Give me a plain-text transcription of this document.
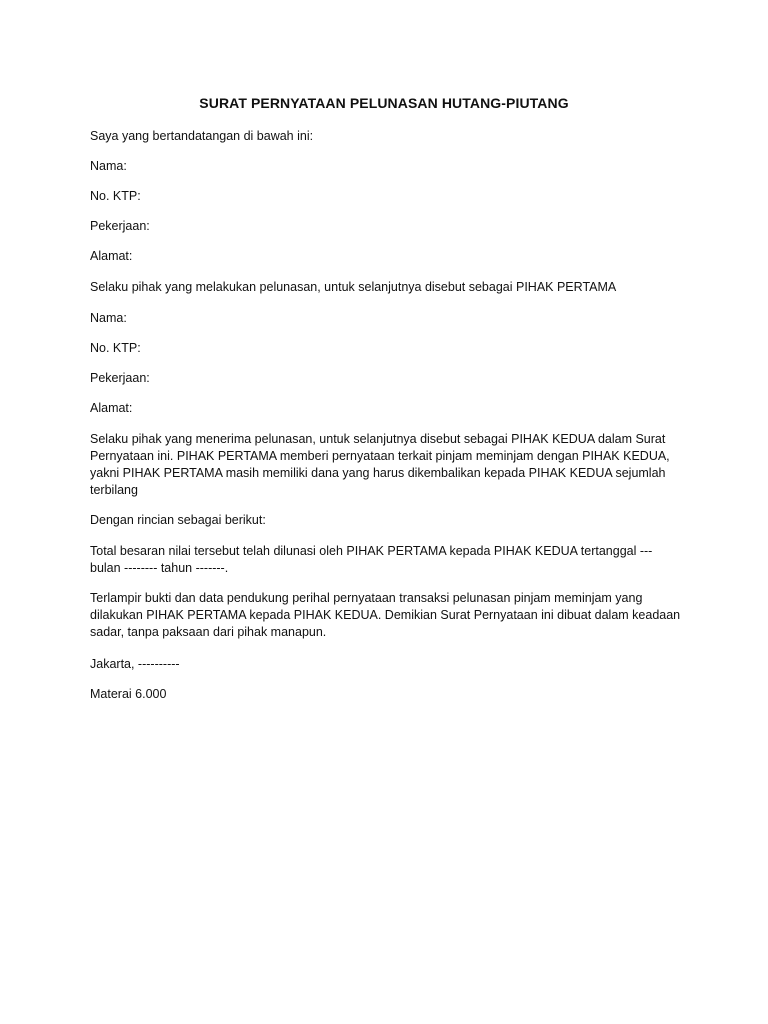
SURAT PERNYATAAN PELUNASAN HUTANG-PIUTANG
Saya yang bertandatangan di bawah ini:
Nama:
No. KTP:
Pekerjaan:
Alamat:
Selaku pihak yang melakukan pelunasan, untuk selanjutnya disebut sebagai PIHAK PERTAMA
Nama:
No. KTP:
Pekerjaan:
Alamat:
Selaku pihak yang menerima pelunasan, untuk selanjutnya disebut sebagai PIHAK KEDUA dalam Surat
Pernyataan ini. PIHAK PERTAMA memberi pernyataan terkait pinjam meminjam dengan PIHAK KEDUA,
yakni PIHAK PERTAMA masih memiliki dana yang harus dikembalikan kepada PIHAK KEDUA sejumlah
terbilang
Dengan rincian sebagai berikut:
Total besaran nilai tersebut telah dilunasi oleh PIHAK PERTAMA kepada PIHAK KEDUA tertanggal ---
bulan -------- tahun -------.
Terlampir bukti dan data pendukung perihal pernyataan transaksi pelunasan pinjam meminjam yang
dilakukan PIHAK PERTAMA kepada PIHAK KEDUA. Demikian Surat Pernyataan ini dibuat dalam keadaan
sadar, tanpa paksaan dari pihak manapun.
Jakarta, ----------
Materai 6.000
